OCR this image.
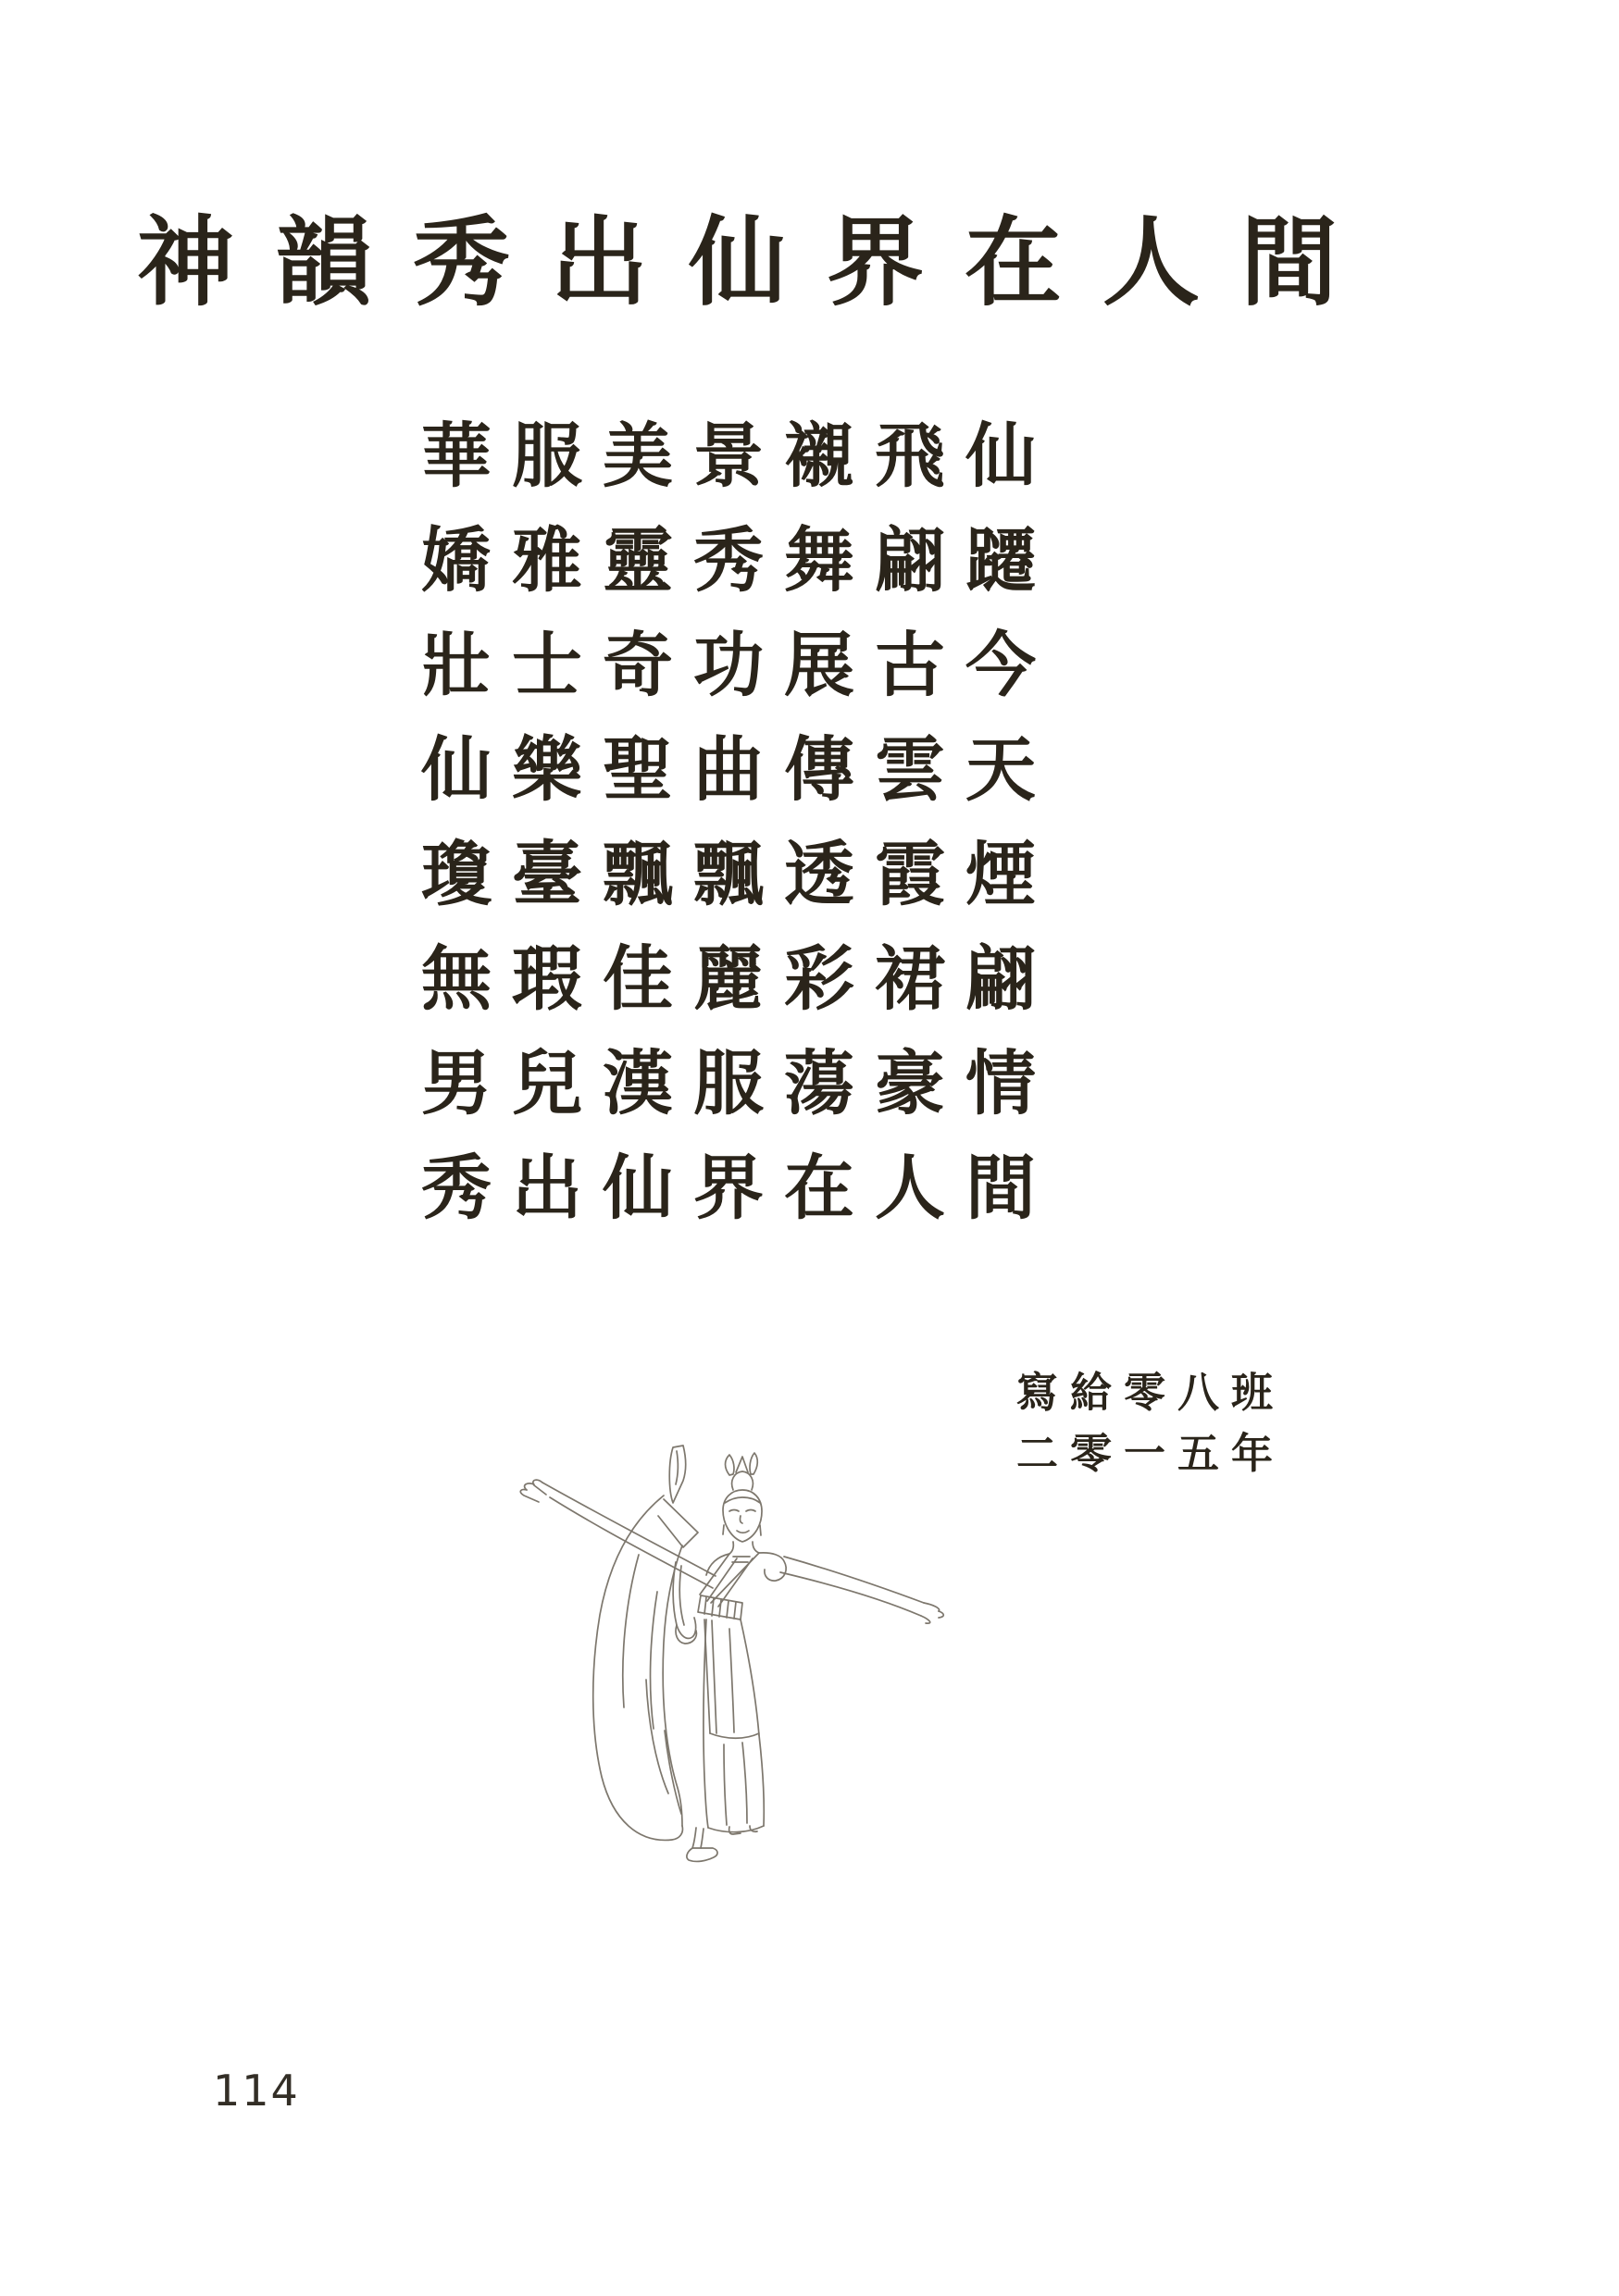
神韻秀出仙界在人間
華服美景襯飛仙
嬌雅靈秀舞翩躚
壯士奇功展古今
仙樂聖曲傳雲天
瓊臺飄飄透霞煙
無瑕佳麗彩裙翩
男兒漢服蕩豪情
秀出仙界在人間
寫給零八班
二零一五年
114
